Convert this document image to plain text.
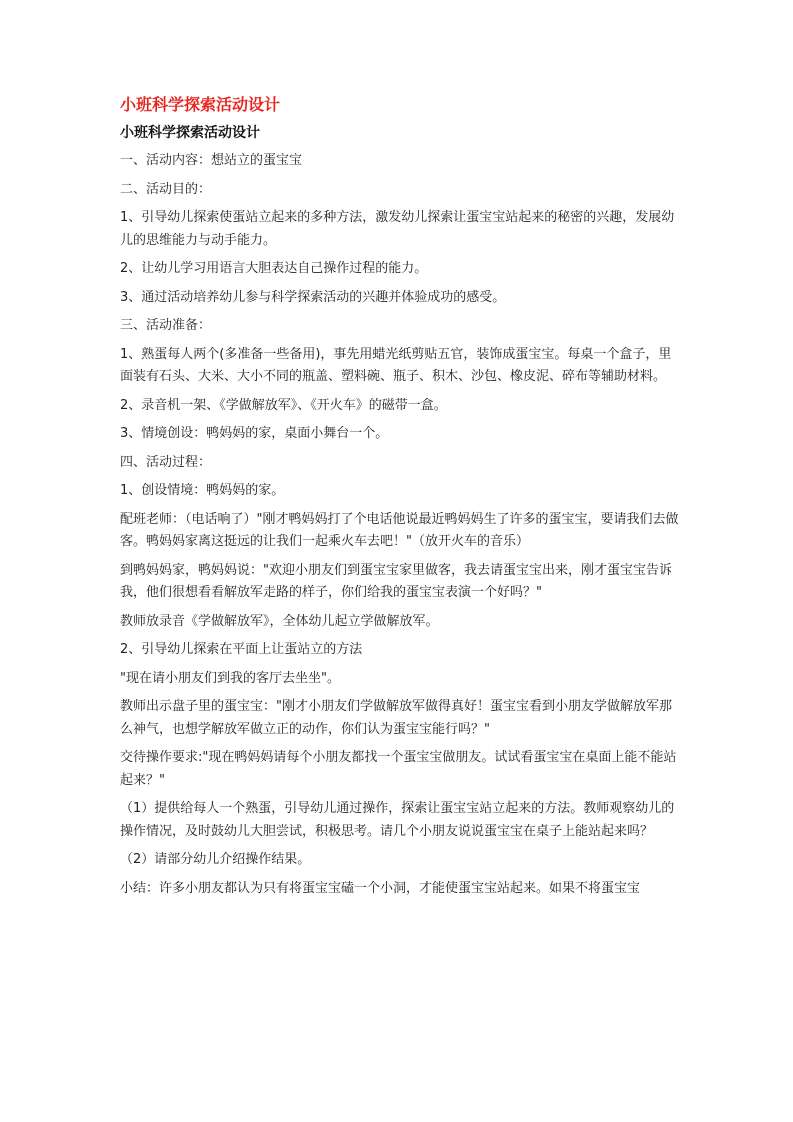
小班科学探索活动设计
小班科学探索活动设计
一、活动内容：想站立的蛋宝宝
二、活动目的：
1、引导幼儿探索使蛋站立起来的多种方法，激发幼儿探索让蛋宝宝站起来的秘密的兴趣，发展幼儿的思维能力与动手能力。
2、让幼儿学习用语言大胆表达自己操作过程的能力。
3、通过活动培养幼儿参与科学探索活动的兴趣并体验成功的感受。
三、活动准备：
1、熟蛋每人两个(多准备一些备用)，事先用蜡光纸剪贴五官，装饰成蛋宝宝。每桌一个盒子，里面装有石头、大米、大小不同的瓶盖、塑料碗、瓶子、积木、沙包、橡皮泥、碎布等辅助材料。
2、录音机一架、《学做解放军》、《开火车》的磁带一盒。
3、情境创设：鸭妈妈的家，桌面小舞台一个。
四、活动过程：
1、创设情境：鸭妈妈的家。
配班老师：（电话响了）"刚才鸭妈妈打了个电话他说最近鸭妈妈生了许多的蛋宝宝，要请我们去做客。鸭妈妈家离这挺远的让我们一起乘火车去吧！"（放开火车的音乐）
到鸭妈妈家，鸭妈妈说："欢迎小朋友们到蛋宝宝家里做客，我去请蛋宝宝出来，刚才蛋宝宝告诉我，他们很想看看解放军走路的样子，你们给我的蛋宝宝表演一个好吗？"
教师放录音《学做解放军》，全体幼儿起立学做解放军。
2、引导幼儿探索在平面上让蛋站立的方法
"现在请小朋友们到我的客厅去坐坐"。
教师出示盘子里的蛋宝宝："刚才小朋友们学做解放军做得真好！蛋宝宝看到小朋友学做解放军那么神气，也想学解放军做立正的动作，你们认为蛋宝宝能行吗？"
交待操作要求:"现在鸭妈妈请每个小朋友都找一个蛋宝宝做朋友。试试看蛋宝宝在桌面上能不能站起来？"
（1）提供给每人一个熟蛋，引导幼儿通过操作，探索让蛋宝宝站立起来的方法。教师观察幼儿的操作情况，及时鼓幼儿大胆尝试，积极思考。请几个小朋友说说蛋宝宝在桌子上能站起来吗？
（2）请部分幼儿介绍操作结果。
小结：许多小朋友都认为只有将蛋宝宝磕一个小洞，才能使蛋宝宝站起来。如果不将蛋宝宝
